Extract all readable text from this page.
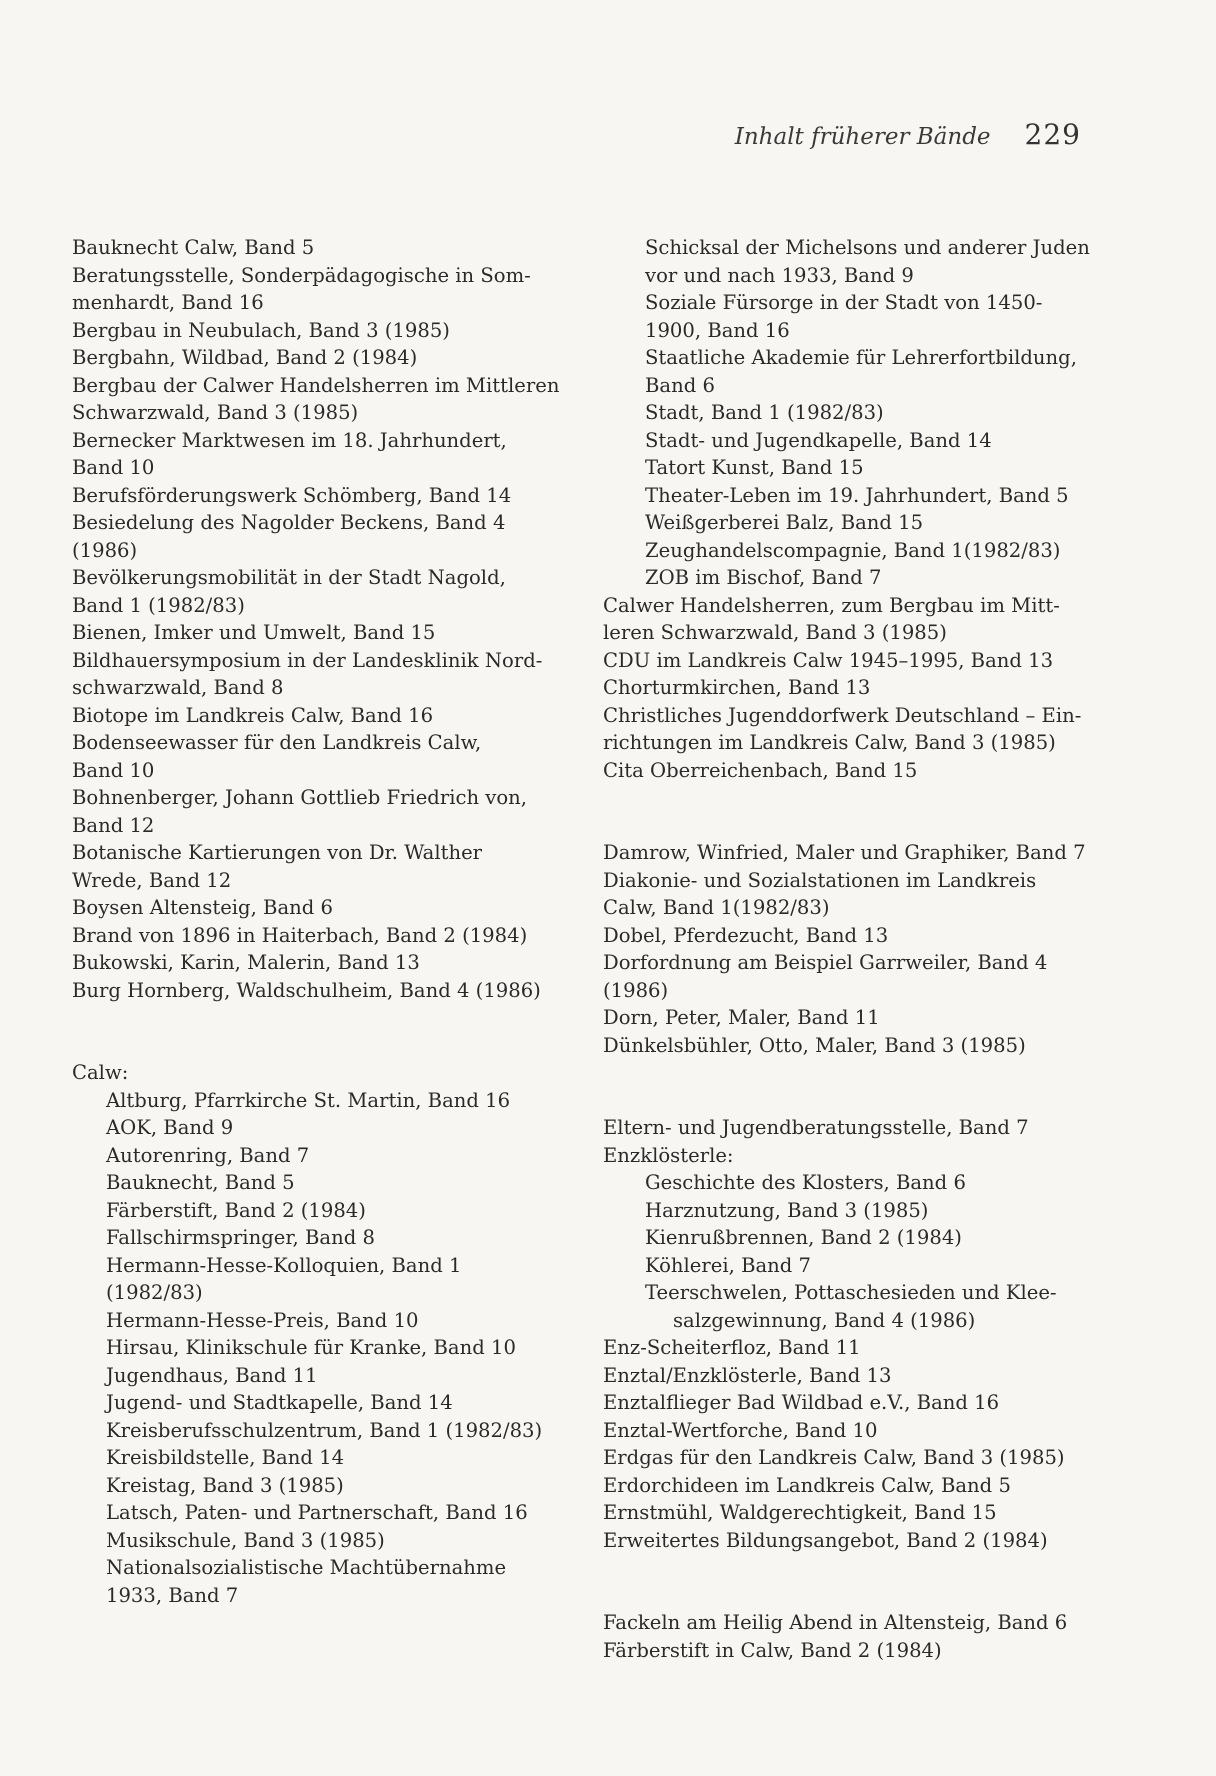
Inhalt früherer Bände 229
Bauknecht Calw, Band 5
Beratungsstelle, Sonderpädagogische in Som-
menhardt, Band 16
Bergbau in Neubulach, Band 3 (1985)
Bergbahn, Wildbad, Band 2 (1984)
Bergbau der Calwer Handelsherren im Mittleren
Schwarzwald, Band 3 (1985)
Bernecker Marktwesen im 18. Jahrhundert,
Band 10
Berufsförderungswerk Schömberg, Band 14
Besiedelung des Nagolder Beckens, Band 4
(1986)
Bevölkerungsmobilität in der Stadt Nagold,
Band 1 (1982/83)
Bienen, Imker und Umwelt, Band 15
Bildhauersymposium in der Landesklinik Nord-
schwarzwald, Band 8
Biotope im Landkreis Calw, Band 16
Bodenseewasser für den Landkreis Calw,
Band 10
Bohnenberger, Johann Gottlieb Friedrich von,
Band 12
Botanische Kartierungen von Dr. Walther
Wrede, Band 12
Boysen Altensteig, Band 6
Brand von 1896 in Haiterbach, Band 2 (1984)
Bukowski, Karin, Malerin, Band 13
Burg Hornberg, Waldschulheim, Band 4 (1986)
Calw:
Altburg, Pfarrkirche St. Martin, Band 16
AOK, Band 9
Autorenring, Band 7
Bauknecht, Band 5
Färberstift, Band 2 (1984)
Fallschirmspringer, Band 8
Hermann-Hesse-Kolloquien, Band 1
(1982/83)
Hermann-Hesse-Preis, Band 10
Hirsau, Klinikschule für Kranke, Band 10
Jugendhaus, Band 11
Jugend- und Stadtkapelle, Band 14
Kreisberufsschulzentrum, Band 1 (1982/83)
Kreisbildstelle, Band 14
Kreistag, Band 3 (1985)
Latsch, Paten- und Partnerschaft, Band 16
Musikschule, Band 3 (1985)
Nationalsozialistische Machtübernahme
1933, Band 7
Schicksal der Michelsons und anderer Juden
vor und nach 1933, Band 9
Soziale Fürsorge in der Stadt von 1450-
1900, Band 16
Staatliche Akademie für Lehrerfortbildung,
Band 6
Stadt, Band 1 (1982/83)
Stadt- und Jugendkapelle, Band 14
Tatort Kunst, Band 15
Theater-Leben im 19. Jahrhundert, Band 5
Weißgerberei Balz, Band 15
Zeughandelscompagnie, Band 1(1982/83)
ZOB im Bischof, Band 7
Calwer Handelsherren, zum Bergbau im Mitt-
leren Schwarzwald, Band 3 (1985)
CDU im Landkreis Calw 1945–1995, Band 13
Chorturmkirchen, Band 13
Christliches Jugenddorfwerk Deutschland – Ein-
richtungen im Landkreis Calw, Band 3 (1985)
Cita Oberreichenbach, Band 15
Damrow, Winfried, Maler und Graphiker, Band 7
Diakonie- und Sozialstationen im Landkreis
Calw, Band 1(1982/83)
Dobel, Pferdezucht, Band 13
Dorfordnung am Beispiel Garrweiler, Band 4
(1986)
Dorn, Peter, Maler, Band 11
Dünkelsbühler, Otto, Maler, Band 3 (1985)
Eltern- und Jugendberatungsstelle, Band 7
Enzklösterle:
Geschichte des Klosters, Band 6
Harznutzung, Band 3 (1985)
Kienrußbrennen, Band 2 (1984)
Köhlerei, Band 7
Teerschwelen, Pottaschesieden und Klee-
salzgewinnung, Band 4 (1986)
Enz-Scheiterfloz, Band 11
Enztal/Enzklösterle, Band 13
Enztalflieger Bad Wildbad e.V., Band 16
Enztal-Wertforche, Band 10
Erdgas für den Landkreis Calw, Band 3 (1985)
Erdorchideen im Landkreis Calw, Band 5
Ernstmühl, Waldgerechtigkeit, Band 15
Erweitertes Bildungsangebot, Band 2 (1984)
Fackeln am Heilig Abend in Altensteig, Band 6
Färberstift in Calw, Band 2 (1984)
